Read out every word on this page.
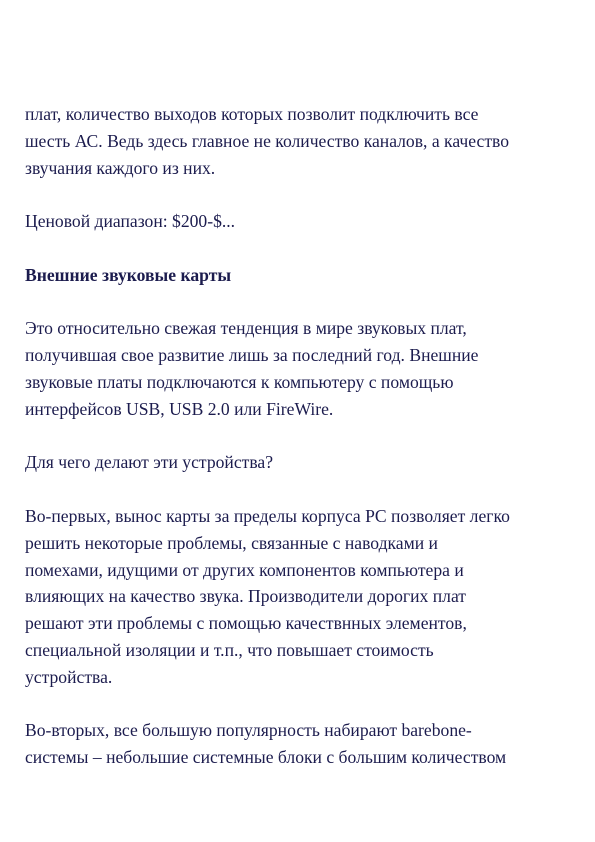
плат, количество выходов которых позволит подключить все
шесть АС. Ведь здесь главное не количество каналов, а качество
звучания каждого из них.

Ценовой диапазон: $200-$...

Внешние звуковые карты

Это относительно свежая тенденция в мире звуковых плат,
получившая свое развитие лишь за последний год. Внешние
звуковые платы подключаются к компьютеру с помощью
интерфейсов USB, USB 2.0 или FireWire.

Для чего делают эти устройства?

Во-первых, вынос карты за пределы корпуса PC позволяет легко
решить некоторые проблемы, связанные с наводками и
помехами, идущими от других компонентов компьютера и
влияющих на качество звука. Производители дорогих плат
решают эти проблемы с помощью качествнных элементов,
специальной изоляции и т.п., что повышает стоимость
устройства.

Во-вторых, все большую популярность набирают barebone-
системы – небольшие системные блоки с большим количеством
